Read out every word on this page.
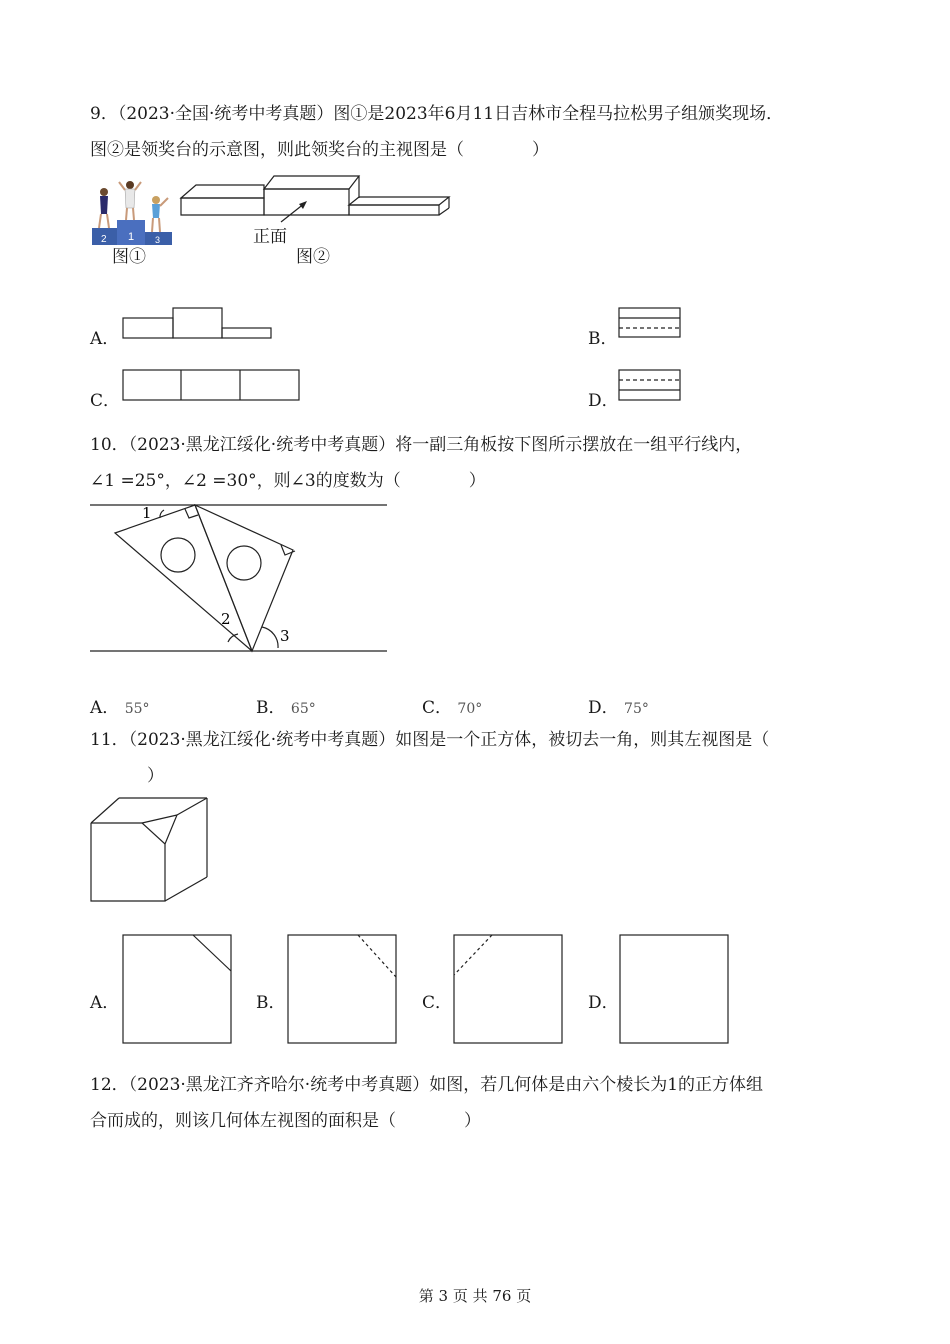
9．（2023·全国·统考中考真题）图①是2023年6月11日吉林市全程马拉松男子组颁奖现场．
图②是领奖台的示意图，则此领奖台的主视图是（　　　　）
2 1 3
图①
正面
图②
A．	B．
C．	D．
10．（2023·黑龙江绥化·统考中考真题）将一副三角板按下图所示摆放在一组平行线内，
∠1 =25°，∠2 =30°，则∠3的度数为（　　　　）
1
2
3
A． 55°	B． 65°	C． 70°	D． 75°
11．（2023·黑龙江绥化·统考中考真题）如图是一个正方体，被切去一角，则其左视图是（
）
A．	B．	C．	D．
12．（2023·黑龙江齐齐哈尔·统考中考真题）如图，若几何体是由六个棱长为1的正方体组
合而成的，则该几何体左视图的面积是（　　　　）
第 3 页 共 76 页
